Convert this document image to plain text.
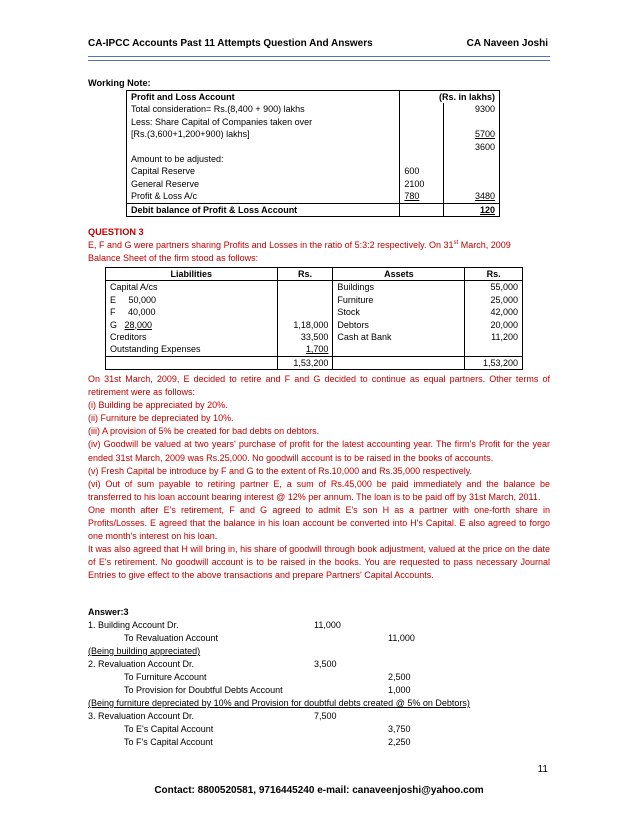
CA-IPCC Accounts Past 11 Attempts Question And Answers	CA Naveen Joshi
Working Note:
Profit and Loss Account	(Rs. in lakhs)	
Total consideration= Rs.(8,400 + 900) lakhs		9300
Less: Share Capital of Companies taken over		
[Rs.(3,600+1,200+900) lakhs]		5700
		3600
Amount to be adjusted:		
Capital Reserve	600	
General Reserve	2100	
Profit & Loss A/c	780	3480
Debit balance of Profit & Loss Account		120
QUESTION 3
E, F and G were partners sharing Profits and Losses in the ratio of 5:3:2 respectively. On 31st March, 2009
Balance Sheet of the firm stood as follows:
Liabilities	Rs.	Assets	Rs.
Capital A/cs		Buildings	55,000
E     50,000		Furniture	25,000
F     40,000		Stock	42,000
G   28,000	1,18,000	Debtors	20,000
Creditors	33,500	Cash at Bank	11,200
Outstanding Expenses	1,700		
	1,53,200		1,53,200

On 31st March, 2009, E decided to retire and F and G decided to continue as equal partners. Other terms of retirement were as follows:

(i) Building be appreciated by 20%.

(ii) Furniture be depreciated by 10%.

(iii) A provision of 5% be created for bad debts on debtors.

(iv) Goodwill be valued at two years' purchase of profit for the latest accounting year. The firm's Profit for the year ended 31st March, 2009 was Rs.25,000. No goodwill account is to be raised in the books of accounts.

(v) Fresh Capital be introduce by F and G to the extent of Rs.10,000 and Rs.35,000 respectively.

(vi) Out of sum payable to retiring partner E, a sum of Rs.45,000 be paid immediately and the balance be transferred to his loan account bearing interest @ 12% per annum. The loan is to be paid off by 31st March, 2011.

One month after E's retirement, F and G agreed to admit E's son H as a partner with one-forth share in Profits/Losses. E agreed that the balance in his loan account be converted into H's Capital. E also agreed to forgo one month's interest on his loan.

It was also agreed that H will bring in, his share of goodwill through book adjustment, valued at the price on the date of E's retirement. No goodwill account is to be raised in the books. You are requested to pass necessary Journal Entries to give effect to the above transactions and prepare Partners' Capital Accounts.

Answer:3
1. Building Account Dr.	11,000
To Revaluation Account	11,000
(Being building appreciated)
2. Revaluation Account Dr.	3,500
To Furniture Account	2,500
To Provision for Doubtful Debts Account	1,000
(Being furniture depreciated by 10% and Provision for doubtful debts created @ 5% on Debtors)
3. Revaluation Account Dr.	7,500
To E's Capital Account	3,750
To F's Capital Account	2,250
11
Contact: 8800520581, 9716445240 e-mail: canaveenjoshi@yahoo.com
